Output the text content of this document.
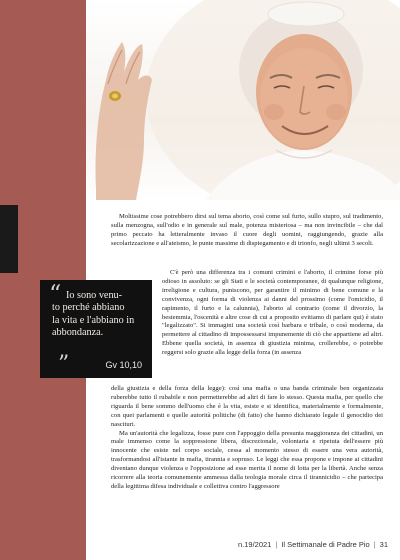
“ Io sono venu-
to perché abbiano
la vita e l'abbiano in
abbondanza.
”	Gv 10,10

Moltissime cose potrebbero dirsi sul tema aborto, così come sul furto, sullo stupro, sul tradimento, sulla menzogna, sull'odio e in generale sul male, potenza misteriosa – ma non invincibile – che dal primo peccato ha letteralmente invaso il cuore degli uomini, raggiungendo, grazie alla secolarizzazione e all'ateismo, le punte massime di dispiegamento e di trionfo, negli ultimi 3 secoli.

C'è però una differenza tra i comuni crimini e l'aborto, il crimine forse più odioso in assoluto: se gli Stati e le società contemporanee, di qualunque religione, irreligione e cultura, puniscono, per garantire il minimo di bene comune e la convivenza, ogni forma di violenza ai danni del prossimo (come l'omicidio, il rapimento, il furto e la calunnia), l'aborto al contrario (come il divorzio, la bestemmia, l'oscenità e altre cose di cui a proposito evitiamo di parlare qui) è stato "legalizzato". Si immagini una società così barbara e tribale, o così moderna, da permettere al cittadino di impossessarsi impunemente di ciò che appartiene ad altri. Ebbene quella società, in assenza di giustizia minima, crollerebbe, o potrebbe reggersi solo grazie alla legge della forza (in assenza

della giustizia e della forza della legge): così una mafia o una banda criminale ben organizzata ruberebbe tutto il rubabile e non permetterebbe ad altri di fare lo stesso. Questa mafia, per quello che riguarda il bene sommo dell'uomo che è la vita, esiste e si identifica, materialmente e formalmente, con quei parlamenti e quelle autorità politiche (di fatto) che hanno dichiarato legale il genocidio dei nascituri.

Ma un'autorità che legalizza, fosse pure con l'appoggio della presunta maggioranza dei cittadini, un male immenso come la soppressione libera, discrezionale, volontaria e ripetuta dell'essere più innocente che esiste nel corpo sociale, cessa al momento stesso di essere una vera autorità, trasformandosi all'istante in mafia, tirannia e sopruso. Le leggi che essa propone e impone ai cittadini diventano dunque violenza e l'opposizione ad esse merita il nome di lotta per la libertà. Anche senza ricorrere alla teoria comunemente ammessa dalla teologia morale circa il tirannicidio – che partecipa della legittima difesa individuale e collettiva contro l'aggressore

n.19/2021 | Il Settimanale di Padre Pio | 31
